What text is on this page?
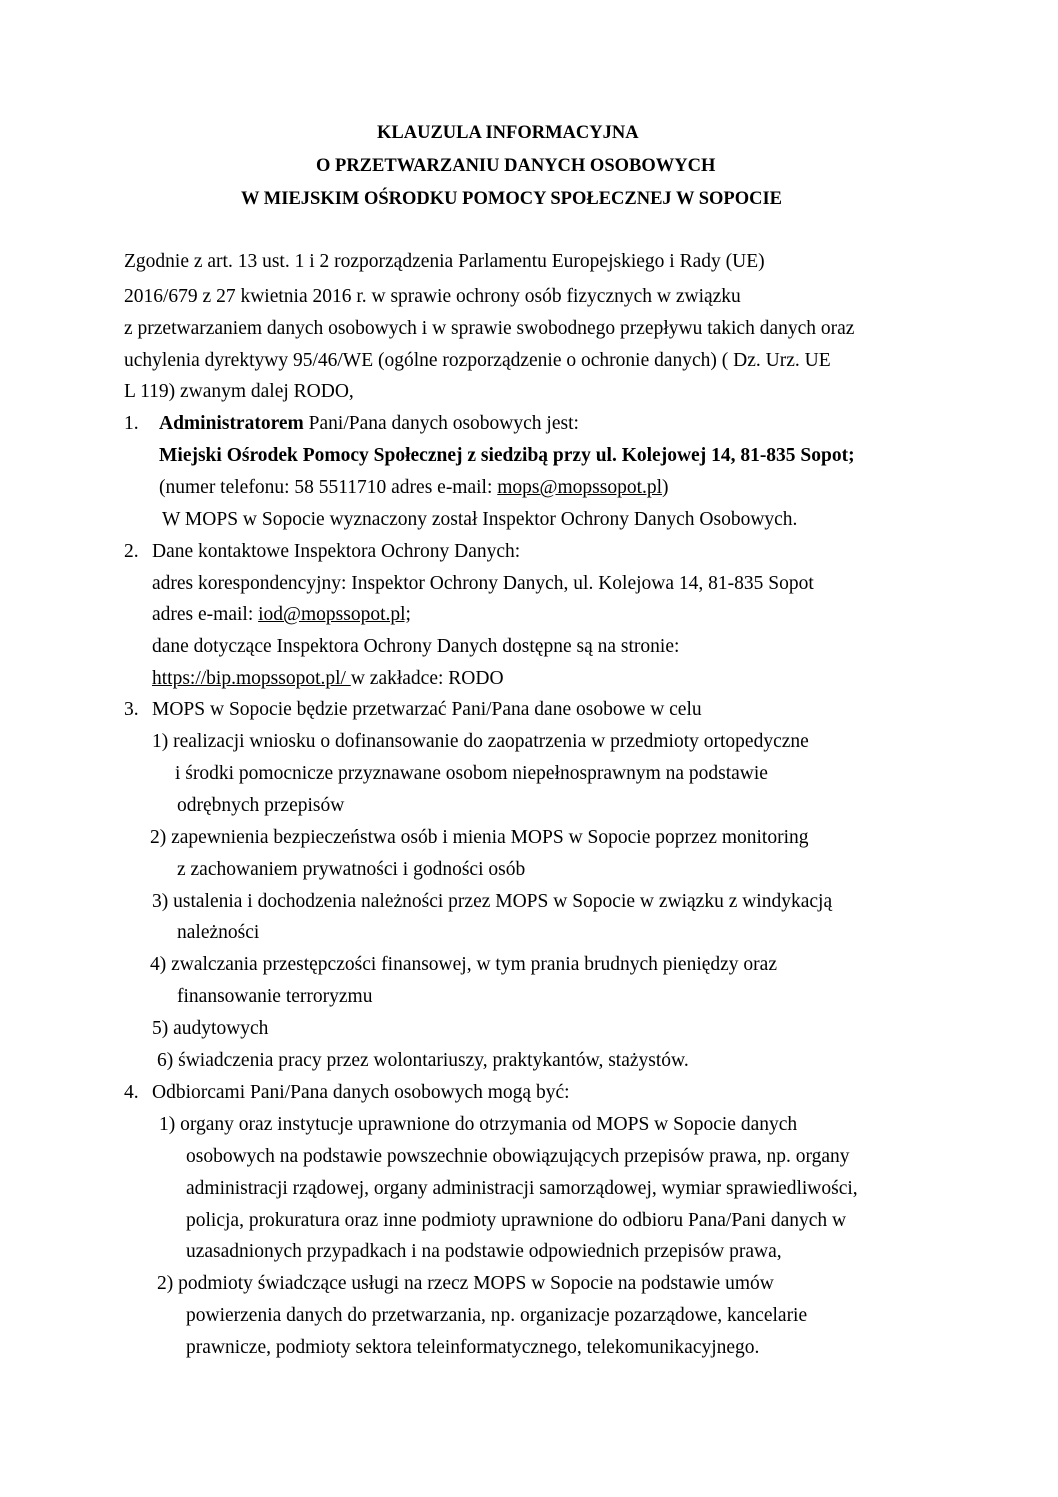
KLAUZULA INFORMACYJNA
O PRZETWARZANIU DANYCH OSOBOWYCH
W MIEJSKIM OŚRODKU POMOCY SPOŁECZNEJ W SOPOCIE
Zgodnie z art. 13 ust. 1 i 2 rozporządzenia Parlamentu Europejskiego i Rady (UE)
2016/679 z 27 kwietnia 2016 r. w sprawie ochrony osób fizycznych w związku
z przetwarzaniem danych osobowych i w sprawie swobodnego przepływu takich danych oraz
uchylenia dyrektywy 95/46/WE (ogólne rozporządzenie o ochronie danych) ( Dz. Urz. UE
L 119) zwanym dalej RODO,
1. Administratorem Pani/Pana danych osobowych jest:
Miejski Ośrodek Pomocy Społecznej z siedzibą przy ul. Kolejowej 14, 81-835 Sopot;
(numer telefonu: 58 5511710 adres e-mail: mops@mopssopot.pl)
W MOPS w Sopocie wyznaczony został Inspektor Ochrony Danych Osobowych.
2. Dane kontaktowe Inspektora Ochrony Danych:
adres korespondencyjny: Inspektor Ochrony Danych, ul. Kolejowa 14, 81-835 Sopot
adres e-mail: iod@mopssopot.pl;
dane dotyczące Inspektora Ochrony Danych dostępne są na stronie:
https://bip.mopssopot.pl/ w zakładce: RODO
3. MOPS w Sopocie będzie przetwarzać Pani/Pana dane osobowe w celu
1) realizacji wniosku o dofinansowanie do zaopatrzenia w przedmioty ortopedyczne
i środki pomocnicze przyznawane osobom niepełnosprawnym na podstawie
odrębnych przepisów
2) zapewnienia bezpieczeństwa osób i mienia MOPS w Sopocie poprzez monitoring
z zachowaniem prywatności i godności osób
3) ustalenia i dochodzenia należności przez MOPS w Sopocie w związku z windykacją
należności
4) zwalczania przestępczości finansowej, w tym prania brudnych pieniędzy oraz
finansowanie terroryzmu
5) audytowych
6) świadczenia pracy przez wolontariuszy, praktykantów, stażystów.
4. Odbiorcami Pani/Pana danych osobowych mogą być:
1) organy oraz instytucje uprawnione do otrzymania od MOPS w Sopocie danych
osobowych na podstawie powszechnie obowiązujących przepisów prawa, np. organy
administracji rządowej, organy administracji samorządowej, wymiar sprawiedliwości,
policja, prokuratura oraz inne podmioty uprawnione do odbioru Pana/Pani danych w
uzasadnionych przypadkach i na podstawie odpowiednich przepisów prawa,
2) podmioty świadczące usługi na rzecz MOPS w Sopocie na podstawie umów
powierzenia danych do przetwarzania, np. organizacje pozarządowe, kancelarie
prawnicze, podmioty sektora teleinformatycznego, telekomunikacyjnego.
